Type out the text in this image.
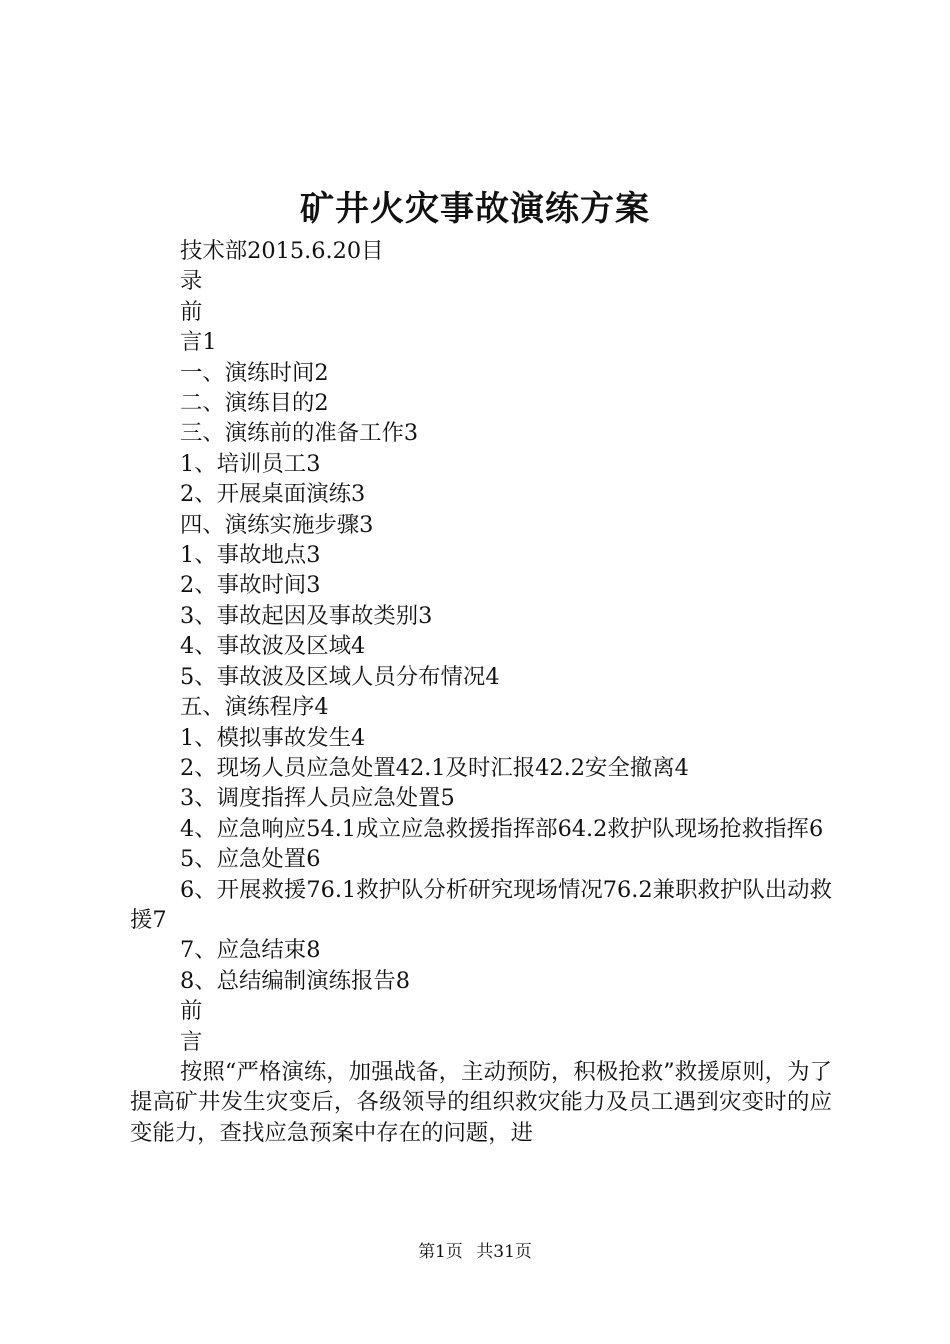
矿井火灾事故演练方案
技术部2015.6.20目
录
前
言1
一、演练时间2
二、演练目的2
三、演练前的准备工作3
1、培训员工3
2、开展桌面演练3
四、演练实施步骤3
1、事故地点3
2、事故时间3
3、事故起因及事故类别3
4、事故波及区域4
5、事故波及区域人员分布情况4
五、演练程序4
1、模拟事故发生4
2、现场人员应急处置42.1及时汇报42.2安全撤离4
3、调度指挥人员应急处置5
4、应急响应54.1成立应急救援指挥部64.2救护队现场抢救指挥6
5、应急处置6
6、开展救援76.1救护队分析研究现场情况76.2兼职救护队出动救援7
7、应急结束8
8、总结编制演练报告8
前
言
按照“严格演练，加强战备，主动预防，积极抢救”救援原则，为了提高矿井发生灾变后，各级领导的组织救灾能力及员工遇到灾变时的应变能力，查找应急预案中存在的问题，进
第1页 共31页
